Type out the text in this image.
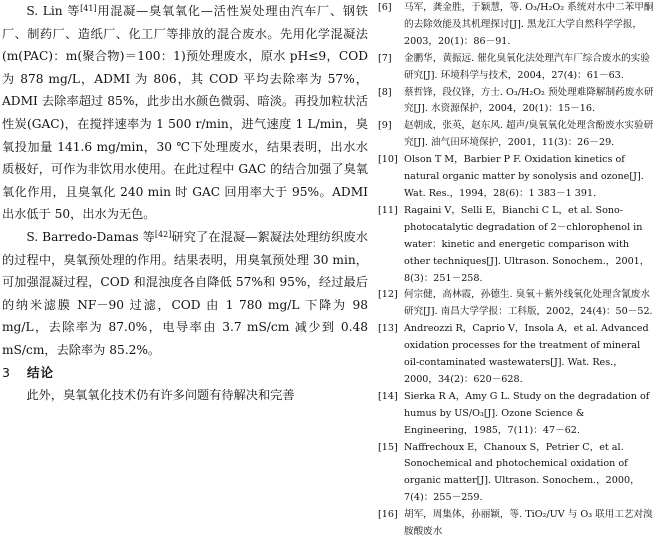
S. Lin 等[41]用混凝—臭氧氧化—活性炭处理由汽车厂、钢铁厂、制药厂、造纸厂、化工厂等排放的混合废水。先用化学混凝法(m(PAC)：m(聚合物)＝100：1)预处理废水，原水 pH≤9，COD 为 878 mg/L，ADMI 为 806，其 COD 平均去除率为 57%，ADMI 去除率超过 85%，此步出水颜色微弱、暗淡。再投加粒状活性炭(GAC)，在搅拌速率为 1 500 r/min，进气速度 1 L/min，臭氧投加量 141.6 mg/min，30 ℃下处理废水，结果表明，出水水质极好，可作为非饮用水使用。在此过程中 GAC 的结合加强了臭氧氧化作用，且臭氧化 240 min 时 GAC 回用率大于 95%。ADMI 出水低于 50，出水为无色。

S. Barredo-Damas 等[42]研究了在混凝—絮凝法处理纺织废水的过程中，臭氧预处理的作用。结果表明，用臭氧预处理 30 min，可加强混凝过程，COD 和混浊度各自降低 57%和 95%，经过最后的纳米滤膜 NF－90 过滤，COD 由 1 780 mg/L 下降为 98 mg/L，去除率为 87.0%，电导率由 3.7 mS/cm 减少到 0.48 mS/cm，去除率为 85.2%。

3 结论

此外，臭氧氧化技术仍有许多问题有待解决和完善

[6] 马军，龚金胜，于颖慧，等. O₃/H₂O₂ 系统对水中二苯甲酮的去除效能及其机理探讨[J]. 黑龙江大学自然科学学报，2003，20(1)：86－91.

[7] 金鹏华，黄振远. 催化臭氧化法处理汽车厂综合废水的实验研究[J]. 环境科学与技术，2004，27(4)：61－63.

[8] 蔡哲锋，段仪锋，方士. O₃/H₂O₂ 预处理难降解制药废水研究[J]. 水资源保护，2004，20(1)：15－16.

[9] 赵朝成，张英，赵东风. 超声/臭氧氧化处理含酚废水实验研究[J]. 油气田环境保护，2001，11(3)：26－29.

[10] Olson T M，Barbier P F. Oxidation kinetics of natural organic matter by sonolysis and ozone[J]. Wat. Res.，1994，28(6)：1 383－1 391.

[11] Ragaini V，Selli E，Bianchi C L，et al. Sono-photocatalytic degradation of 2－chlorophenol in water：kinetic and energetic comparison with other techniques[J]. Ultrason. Sonochem.，2001，8(3)：251－258.

[12] 何宗健，高林霞，孙德生. 臭氧＋紫外线氧化处理含氰废水研究[J]. 南昌大学学报：工科版，2002，24(4)：50－52.

[13] Andreozzi R，Caprio V，Insola A，et al. Advanced oxidation processes for the treatment of mineral oil-contaminated wastewaters[J]. Wat. Res.，2000，34(2)：620－628.

[14] Sierka R A，Amy G L. Study on the degradation of humus by US/O₃[J]. Ozone Science & Engineering，1985，7(11)：47－62.

[15] Naffrechoux E，Chanoux S，Petrier C，et al. Sonochemical and photochemical oxidation of organic matter[J]. Ultrason. Sonochem.，2000，7(4)：255－259.

[16] 胡军，周集体，孙丽颖，等. TiO₂/UV 与 O₃ 联用工艺对溴胺酸废水
